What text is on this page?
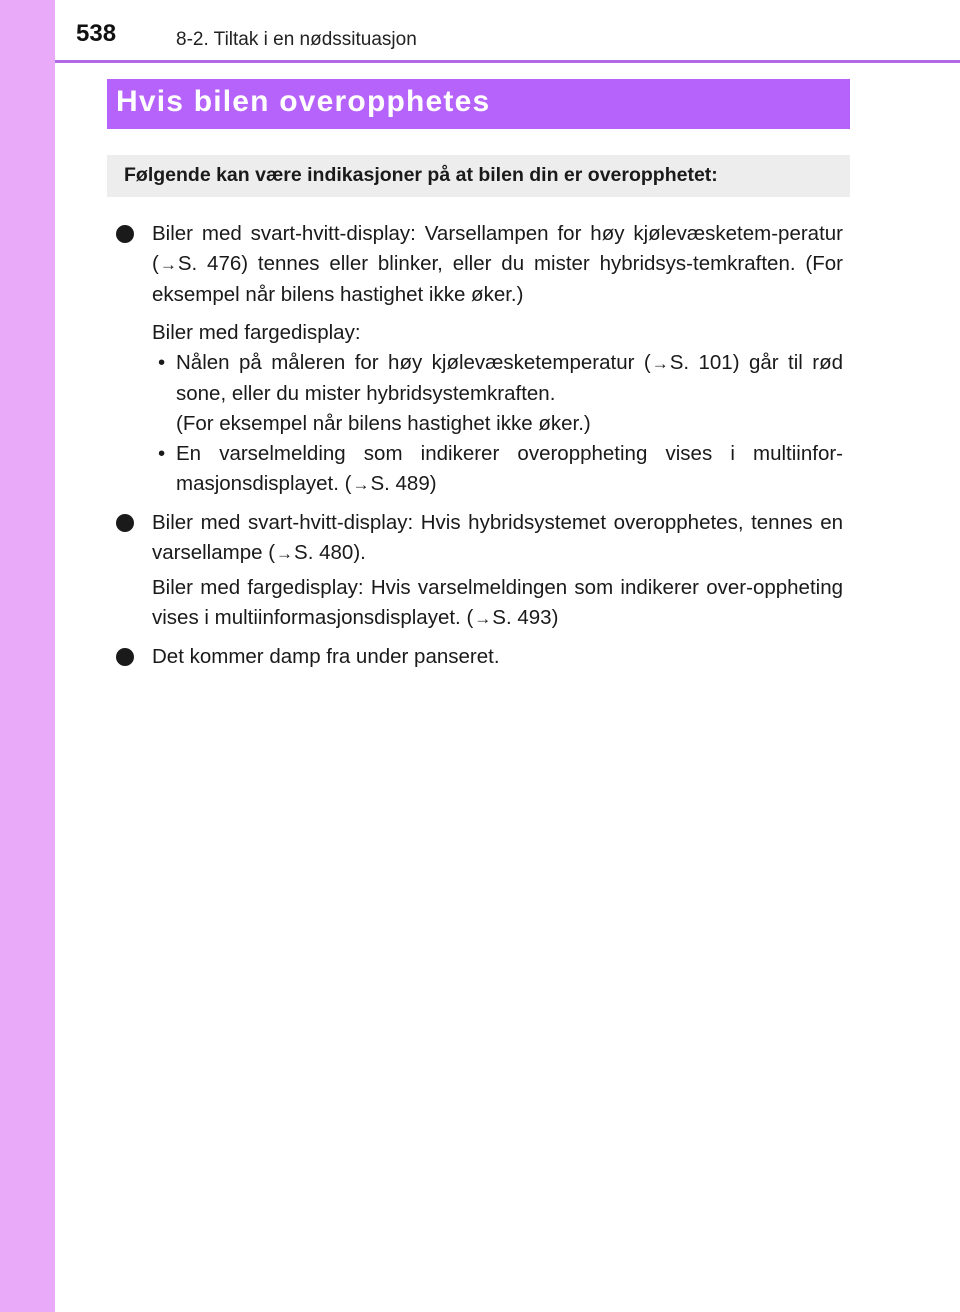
538	8-2. Tiltak i en nødssituasjon
Hvis bilen overopphetes
Følgende kan være indikasjoner på at bilen din er overopphetet:
Biler med svart-hvitt-display: Varsellampen for høy kjølevæsketem-peratur (→S. 476) tennes eller blinker, eller du mister hybridsys-temkraften. (For eksempel når bilens hastighet ikke øker.)
Biler med fargedisplay:
• Nålen på måleren for høy kjølevæsketemperatur (→S. 101) går til rød sone, eller du mister hybridsystemkraften.
(For eksempel når bilens hastighet ikke øker.)
• En varselmelding som indikerer overoppheting vises i multiinfor-masjonsdisplayet. (→S. 489)
Biler med svart-hvitt-display: Hvis hybridsystemet overopphetes, tennes en varsellampe (→S. 480).
Biler med fargedisplay: Hvis varselmeldingen som indikerer over-oppheting vises i multiinformasjonsdisplayet. (→S. 493)
Det kommer damp fra under panseret.
